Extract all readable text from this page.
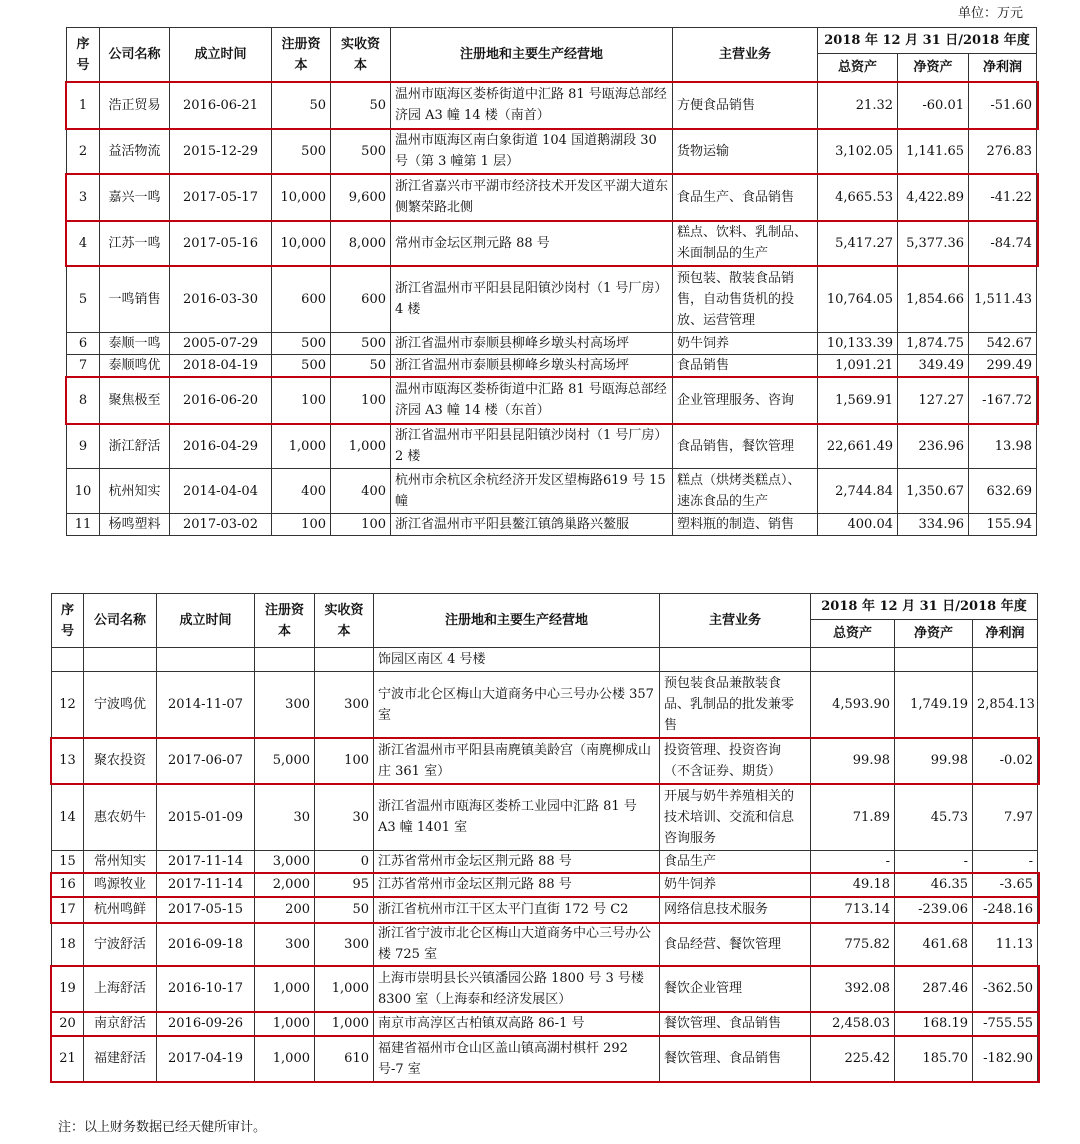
单位：万元
序号	公司名称	成立时间	注册资本	实收资本	注册地和主要生产经营地	主营业务	2018 年 12 月 31 日/2018 年度		
							总资产	净资产	净利润
1	浩正贸易	2016-06-21	50	50	温州市瓯海区娄桥街道中汇路 81 号瓯海总部经济园 A3 幢 14 楼（南首）	方便食品销售	21.32	-60.01	-51.60
2	益活物流	2015-12-29	500	500	温州市瓯海区南白象街道 104 国道鹅湖段 30 号（第 3 幢第 1 层）	货物运输	3,102.05	1,141.65	276.83
3	嘉兴一鸣	2017-05-17	10,000	9,600	浙江省嘉兴市平湖市经济技术开发区平湖大道东侧繁荣路北侧	食品生产、食品销售	4,665.53	4,422.89	-41.22
4	江苏一鸣	2017-05-16	10,000	8,000	常州市金坛区荆元路 88 号	糕点、饮料、乳制品、米面制品的生产	5,417.27	5,377.36	-84.74
5	一鸣销售	2016-03-30	600	600	浙江省温州市平阳县昆阳镇沙岗村（1 号厂房）4 楼	预包装、散装食品销售，自动售货机的投放、运营管理	10,764.05	1,854.66	1,511.43
6	泰顺一鸣	2005-07-29	500	500	浙江省温州市泰顺县柳峰乡墩头村高场坪	奶牛饲养	10,133.39	1,874.75	542.67
7	泰顺鸣优	2018-04-19	500	50	浙江省温州市泰顺县柳峰乡墩头村高场坪	食品销售	1,091.21	349.49	299.49
8	聚焦极至	2016-06-20	100	100	温州市瓯海区娄桥街道中汇路 81 号瓯海总部经济园 A3 幢 14 楼（东首）	企业管理服务、咨询	1,569.91	127.27	-167.72
9	浙江舒活	2016-04-29	1,000	1,000	浙江省温州市平阳县昆阳镇沙岗村（1 号厂房）2 楼	食品销售，餐饮管理	22,661.49	236.96	13.98
10	杭州知实	2014-04-04	400	400	杭州市余杭区余杭经济开发区望梅路619 号 15 幢	糕点（烘烤类糕点）、速冻食品的生产	2,744.84	1,350.67	632.69
11	杨鸣塑料	2017-03-02	100	100	浙江省温州市平阳县鳌江镇鸽巢路兴鳌服	塑料瓶的制造、销售	400.04	334.96	155.94
序号	公司名称	成立时间	注册资本	实收资本	注册地和主要生产经营地	主营业务	2018 年 12 月 31 日/2018 年度		
							总资产	净资产	净利润
					饰园区南区 4 号楼				
12	宁波鸣优	2014-11-07	300	300	宁波市北仑区梅山大道商务中心三号办公楼 357 室	预包装食品兼散装食品、乳制品的批发兼零售	4,593.90	1,749.19	2,854.13
13	聚农投资	2017-06-07	5,000	100	浙江省温州市平阳县南麂镇美龄宫（南麂柳成山庄 361 室）	投资管理、投资咨询（不含证券、期货）	99.98	99.98	-0.02
14	惠农奶牛	2015-01-09	30	30	浙江省温州市瓯海区娄桥工业园中汇路 81 号 A3 幢 1401 室	开展与奶牛养殖相关的技术培训、交流和信息咨询服务	71.89	45.73	7.97
15	常州知实	2017-11-14	3,000	0	江苏省常州市金坛区荆元路 88 号	食品生产	-	-	-
16	鸣源牧业	2017-11-14	2,000	95	江苏省常州市金坛区荆元路 88 号	奶牛饲养	49.18	46.35	-3.65
17	杭州鸣鲜	2017-05-15	200	50	浙江省杭州市江干区太平门直街 172 号 C2	网络信息技术服务	713.14	-239.06	-248.16
18	宁波舒活	2016-09-18	300	300	浙江省宁波市北仑区梅山大道商务中心三号办公楼 725 室	食品经营、餐饮管理	775.82	461.68	11.13
19	上海舒活	2016-10-17	1,000	1,000	上海市崇明县长兴镇潘园公路 1800 号 3 号楼 8300 室（上海泰和经济发展区）	餐饮企业管理	392.08	287.46	-362.50
20	南京舒活	2016-09-26	1,000	1,000	南京市高淳区古柏镇双高路 86-1 号	餐饮管理、食品销售	2,458.03	168.19	-755.55
21	福建舒活	2017-04-19	1,000	610	福建省福州市仓山区盖山镇高湖村棋杆 292 号-7 室	餐饮管理、食品销售	225.42	185.70	-182.90
注：以上财务数据已经天健所审计。
